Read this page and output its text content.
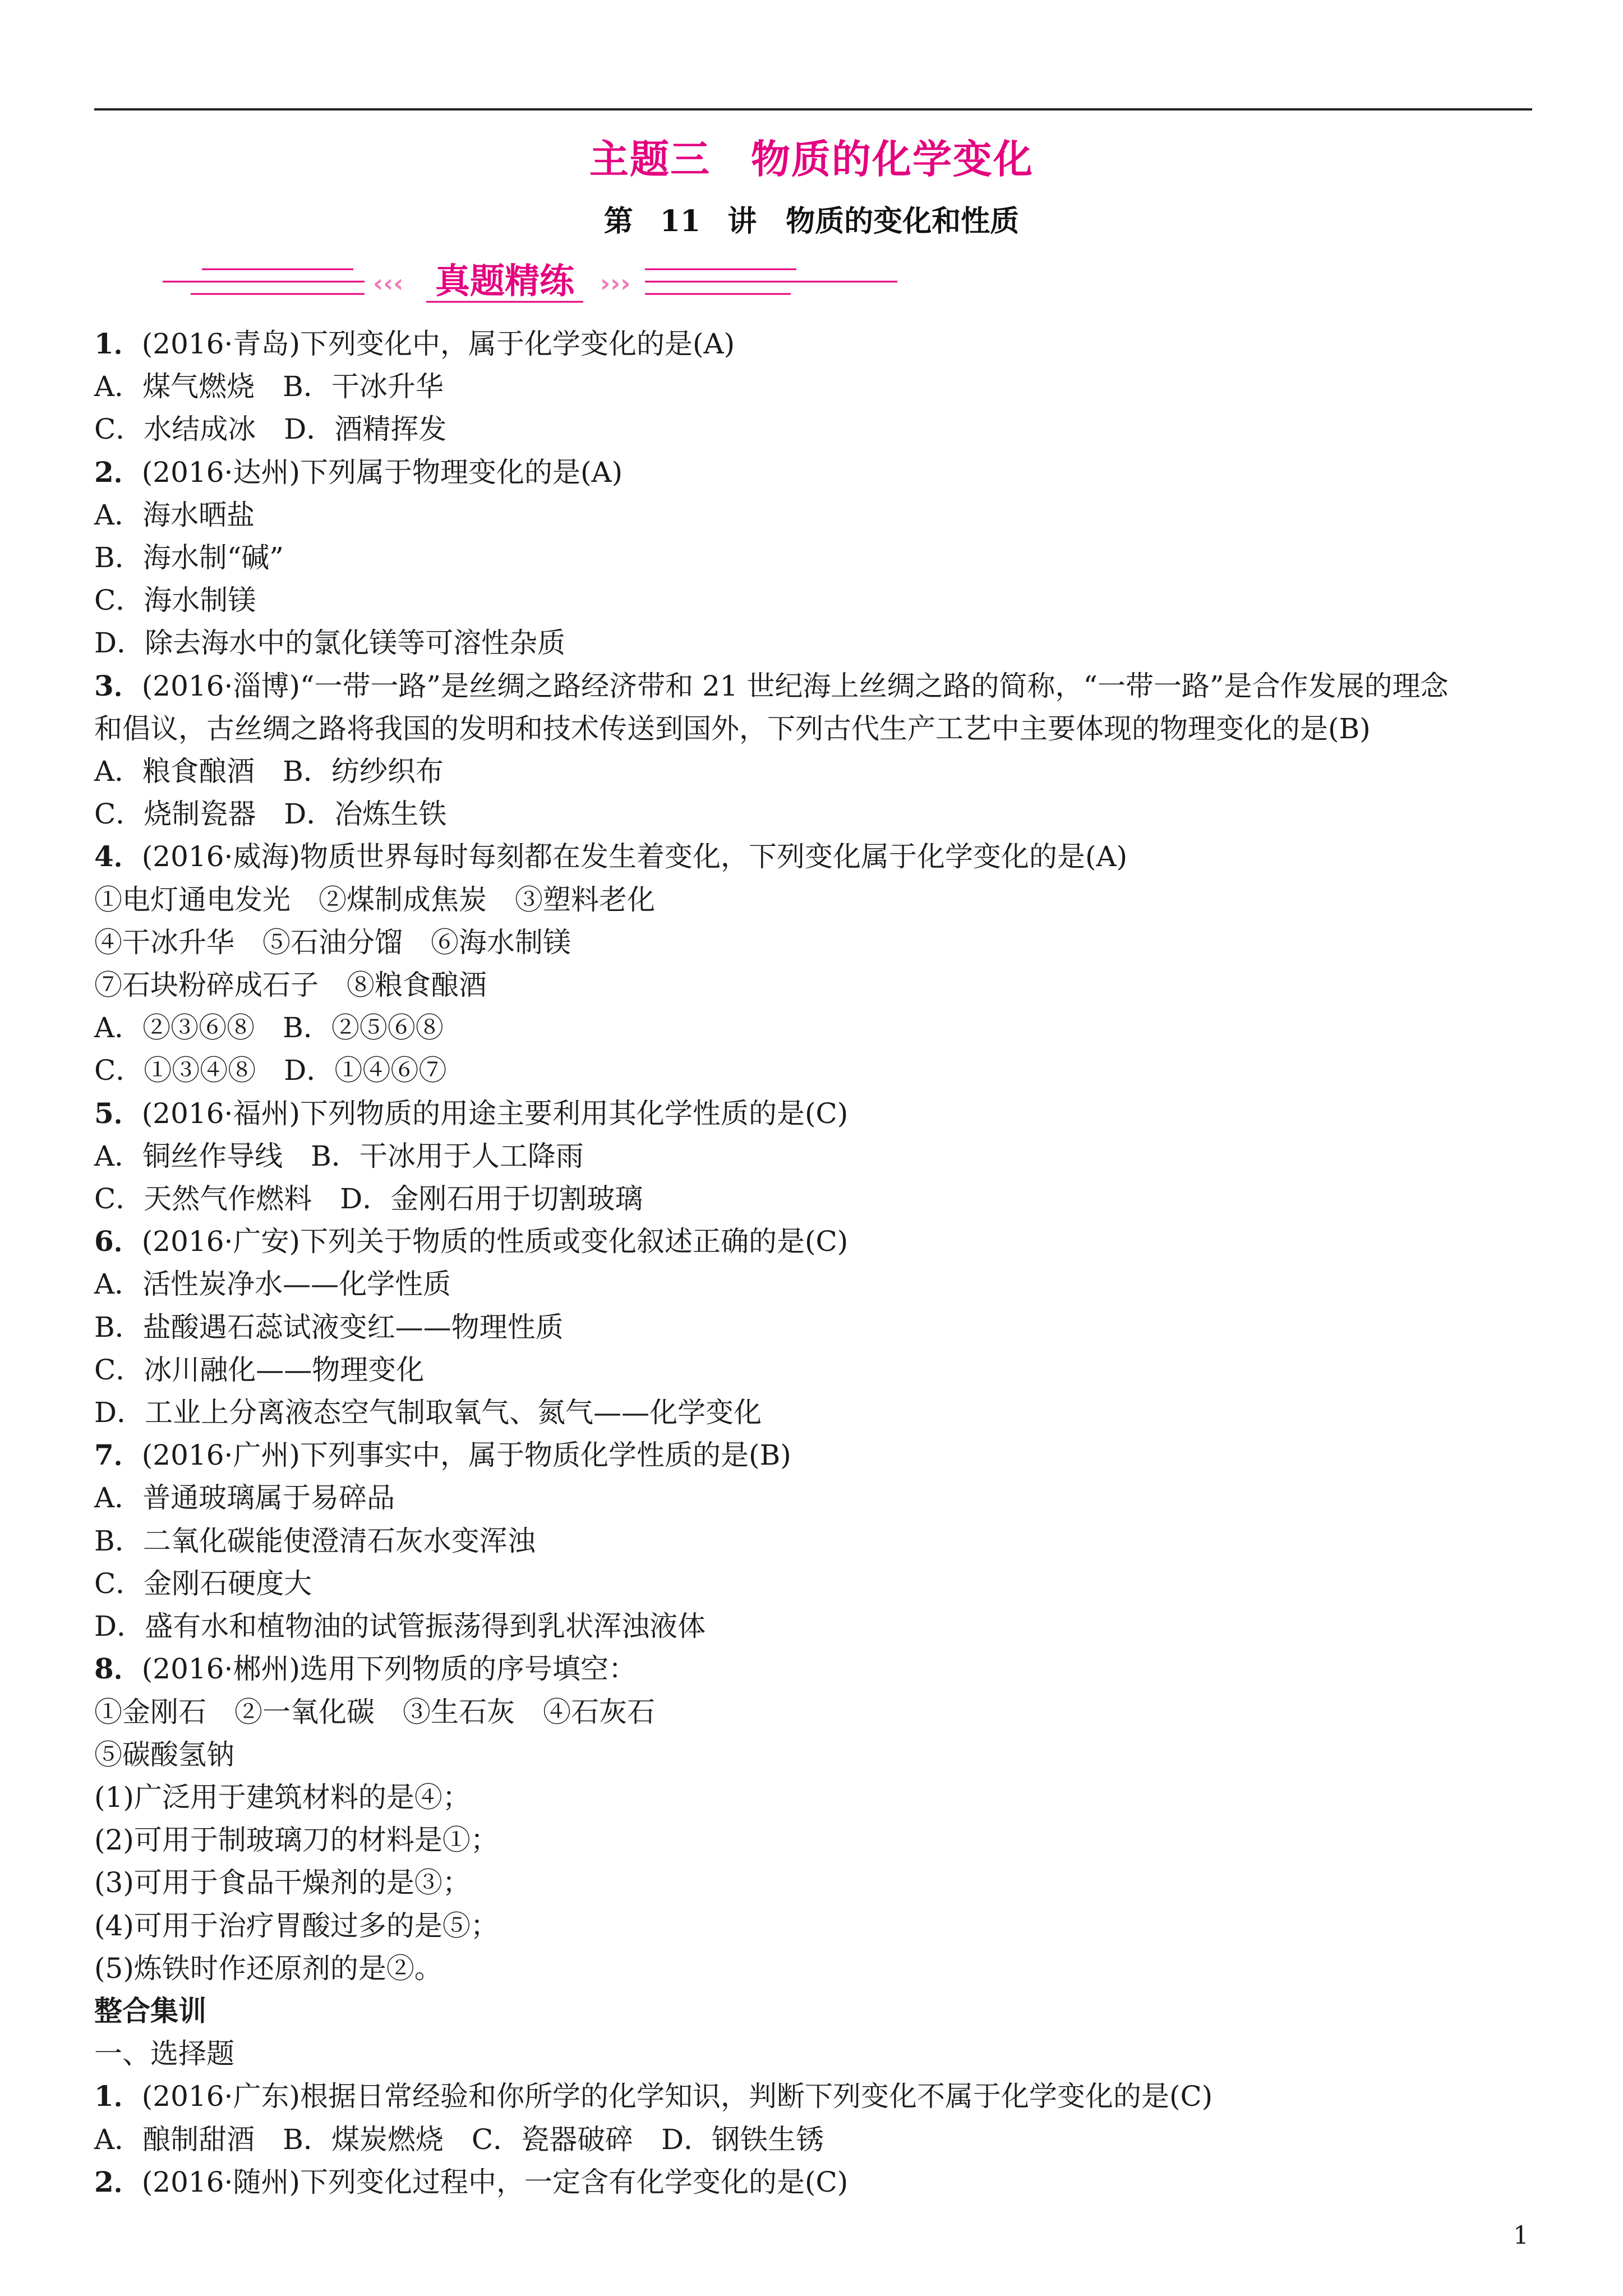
主题三　物质的化学变化
第 11 讲　物质的变化和性质
‹‹‹	›››
真题精练
1．(2016·青岛)下列变化中，属于化学变化的是(A)
A．煤气燃烧　B．干冰升华
C．水结成冰　D．酒精挥发
2．(2016·达州)下列属于物理变化的是(A)
A．海水晒盐
B．海水制“碱”
C．海水制镁
D．除去海水中的氯化镁等可溶性杂质
3．(2016·淄博)“一带一路”是丝绸之路经济带和 21 世纪海上丝绸之路的简称，“一带一路”是合作发展的理念
和倡议，古丝绸之路将我国的发明和技术传送到国外，下列古代生产工艺中主要体现的物理变化的是(B)
A．粮食酿酒　B．纺纱织布
C．烧制瓷器　D．冶炼生铁
4．(2016·威海)物质世界每时每刻都在发生着变化，下列变化属于化学变化的是(A)
①电灯通电发光　②煤制成焦炭　③塑料老化
④干冰升华　⑤石油分馏　⑥海水制镁
⑦石块粉碎成石子　⑧粮食酿酒
A．②③⑥⑧　B．②⑤⑥⑧
C．①③④⑧　D．①④⑥⑦
5．(2016·福州)下列物质的用途主要利用其化学性质的是(C)
A．铜丝作导线　B．干冰用于人工降雨
C．天然气作燃料　D．金刚石用于切割玻璃
6．(2016·广安)下列关于物质的性质或变化叙述正确的是(C)
A．活性炭净水——化学性质
B．盐酸遇石蕊试液变红——物理性质
C．冰川融化——物理变化
D．工业上分离液态空气制取氧气、氮气——化学变化
7．(2016·广州)下列事实中，属于物质化学性质的是(B)
A．普通玻璃属于易碎品
B．二氧化碳能使澄清石灰水变浑浊
C．金刚石硬度大
D．盛有水和植物油的试管振荡得到乳状浑浊液体
8．(2016·郴州)选用下列物质的序号填空：
①金刚石　②一氧化碳　③生石灰　④石灰石
⑤碳酸氢钠
(1)广泛用于建筑材料的是④；
(2)可用于制玻璃刀的材料是①；
(3)可用于食品干燥剂的是③；
(4)可用于治疗胃酸过多的是⑤；
(5)炼铁时作还原剂的是②。
整合集训
一、选择题
1．(2016·广东)根据日常经验和你所学的化学知识，判断下列变化不属于化学变化的是(C)
A．酿制甜酒　B．煤炭燃烧　C．瓷器破碎　D．钢铁生锈
2．(2016·随州)下列变化过程中，一定含有化学变化的是(C)
1
